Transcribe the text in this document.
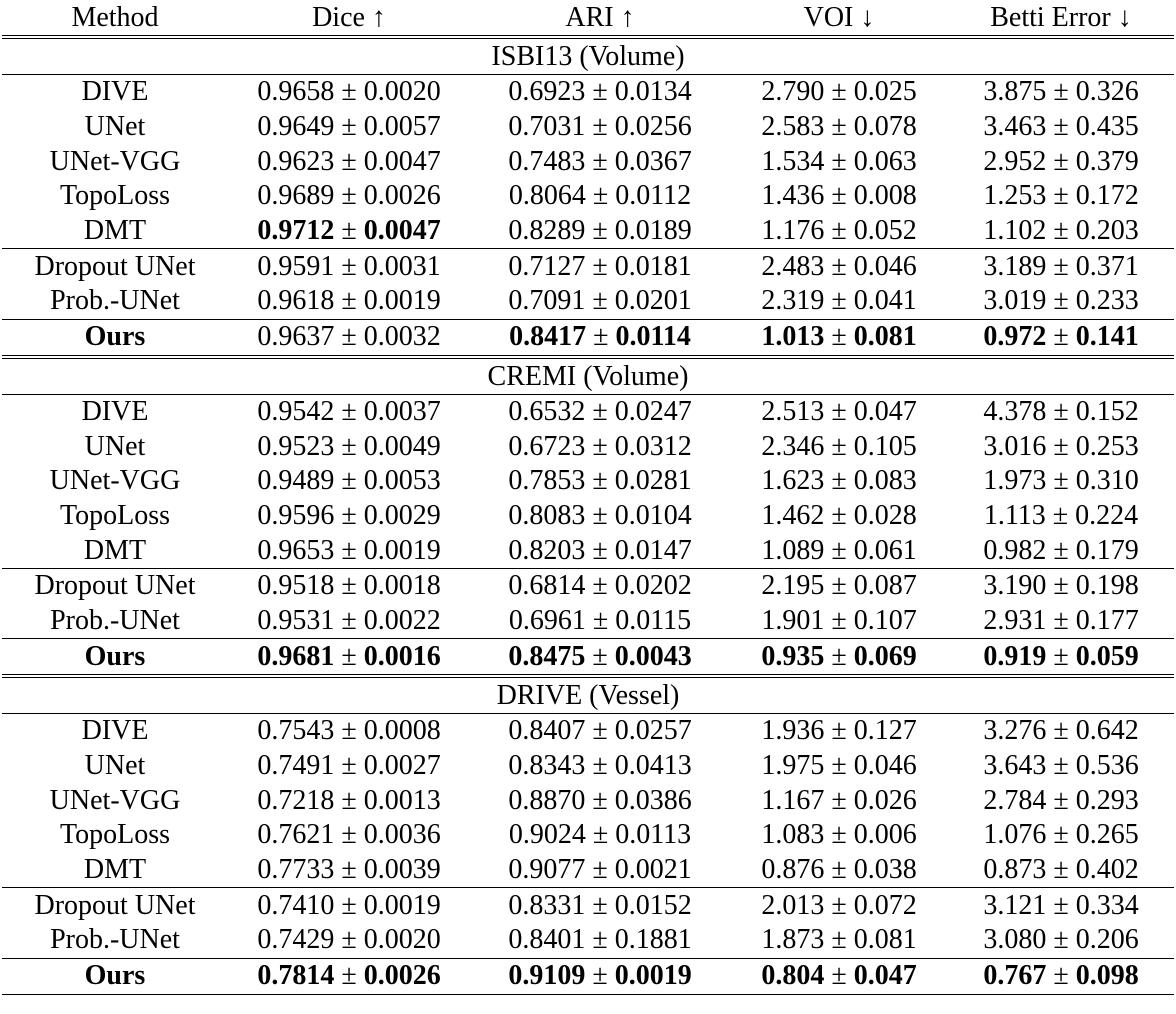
Method	Dice ↑	ARI ↑	VOI ↓	Betti Error ↓
ISBI13 (Volume)				
DIVE	0.9658 ± 0.0020	0.6923 ± 0.0134	2.790 ± 0.025	3.875 ± 0.326
UNet	0.9649 ± 0.0057	0.7031 ± 0.0256	2.583 ± 0.078	3.463 ± 0.435
UNet-VGG	0.9623 ± 0.0047	0.7483 ± 0.0367	1.534 ± 0.063	2.952 ± 0.379
TopoLoss	0.9689 ± 0.0026	0.8064 ± 0.0112	1.436 ± 0.008	1.253 ± 0.172
DMT	0.9712 ± 0.0047	0.8289 ± 0.0189	1.176 ± 0.052	1.102 ± 0.203
Dropout UNet	0.9591 ± 0.0031	0.7127 ± 0.0181	2.483 ± 0.046	3.189 ± 0.371
Prob.-UNet	0.9618 ± 0.0019	0.7091 ± 0.0201	2.319 ± 0.041	3.019 ± 0.233
Ours	0.9637 ± 0.0032	0.8417 ± 0.0114	1.013 ± 0.081	0.972 ± 0.141
CREMI (Volume)				
DIVE	0.9542 ± 0.0037	0.6532 ± 0.0247	2.513 ± 0.047	4.378 ± 0.152
UNet	0.9523 ± 0.0049	0.6723 ± 0.0312	2.346 ± 0.105	3.016 ± 0.253
UNet-VGG	0.9489 ± 0.0053	0.7853 ± 0.0281	1.623 ± 0.083	1.973 ± 0.310
TopoLoss	0.9596 ± 0.0029	0.8083 ± 0.0104	1.462 ± 0.028	1.113 ± 0.224
DMT	0.9653 ± 0.0019	0.8203 ± 0.0147	1.089 ± 0.061	0.982 ± 0.179
Dropout UNet	0.9518 ± 0.0018	0.6814 ± 0.0202	2.195 ± 0.087	3.190 ± 0.198
Prob.-UNet	0.9531 ± 0.0022	0.6961 ± 0.0115	1.901 ± 0.107	2.931 ± 0.177
Ours	0.9681 ± 0.0016	0.8475 ± 0.0043	0.935 ± 0.069	0.919 ± 0.059
DRIVE (Vessel)				
DIVE	0.7543 ± 0.0008	0.8407 ± 0.0257	1.936 ± 0.127	3.276 ± 0.642
UNet	0.7491 ± 0.0027	0.8343 ± 0.0413	1.975 ± 0.046	3.643 ± 0.536
UNet-VGG	0.7218 ± 0.0013	0.8870 ± 0.0386	1.167 ± 0.026	2.784 ± 0.293
TopoLoss	0.7621 ± 0.0036	0.9024 ± 0.0113	1.083 ± 0.006	1.076 ± 0.265
DMT	0.7733 ± 0.0039	0.9077 ± 0.0021	0.876 ± 0.038	0.873 ± 0.402
Dropout UNet	0.7410 ± 0.0019	0.8331 ± 0.0152	2.013 ± 0.072	3.121 ± 0.334
Prob.-UNet	0.7429 ± 0.0020	0.8401 ± 0.1881	1.873 ± 0.081	3.080 ± 0.206
Ours	0.7814 ± 0.0026	0.9109 ± 0.0019	0.804 ± 0.047	0.767 ± 0.098
